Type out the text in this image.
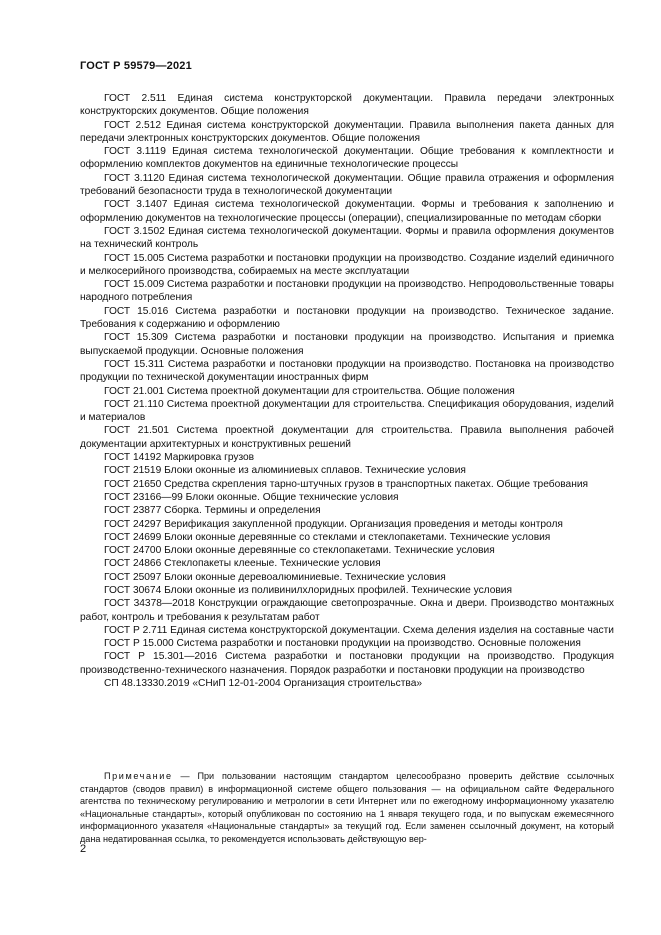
ГОСТ Р 59579—2021

ГОСТ 2.511 Единая система конструкторской документации. Правила передачи электронных конструкторских документов. Общие положения

ГОСТ 2.512 Единая система конструкторской документации. Правила выполнения пакета данных для передачи электронных конструкторских документов. Общие положения

ГОСТ 3.1119 Единая система технологической документации. Общие требования к комплектности и оформлению комплектов документов на единичные технологические процессы

ГОСТ 3.1120 Единая система технологической документации. Общие правила отражения и оформления требований безопасности труда в технологической документации

ГОСТ 3.1407 Единая система технологической документации. Формы и требования к заполнению и оформлению документов на технологические процессы (операции), специализированные по методам сборки

ГОСТ 3.1502 Единая система технологической документации. Формы и правила оформления документов на технический контроль

ГОСТ 15.005 Система разработки и постановки продукции на производство. Создание изделий единичного и мелкосерийного производства, собираемых на месте эксплуатации

ГОСТ 15.009 Система разработки и постановки продукции на производство. Непродовольственные товары народного потребления

ГОСТ 15.016 Система разработки и постановки продукции на производство. Техническое задание. Требования к содержанию и оформлению

ГОСТ 15.309 Система разработки и постановки продукции на производство. Испытания и приемка выпускаемой продукции. Основные положения

ГОСТ 15.311 Система разработки и постановки продукции на производство. Постановка на производство продукции по технической документации иностранных фирм

ГОСТ 21.001 Система проектной документации для строительства. Общие положения

ГОСТ 21.110 Система проектной документации для строительства. Спецификация оборудования, изделий и материалов

ГОСТ 21.501 Система проектной документации для строительства. Правила выполнения рабочей документации архитектурных и конструктивных решений

ГОСТ 14192 Маркировка грузов

ГОСТ 21519 Блоки оконные из алюминиевых сплавов. Технические условия

ГОСТ 21650 Средства скрепления тарно-штучных грузов в транспортных пакетах. Общие требования

ГОСТ 23166—99 Блоки оконные. Общие технические условия

ГОСТ 23877 Сборка. Термины и определения

ГОСТ 24297 Верификация закупленной продукции. Организация проведения и методы контроля

ГОСТ 24699 Блоки оконные деревянные со стеклами и стеклопакетами. Технические условия

ГОСТ 24700 Блоки оконные деревянные со стеклопакетами. Технические условия

ГОСТ 24866 Стеклопакеты клееные. Технические условия

ГОСТ 25097 Блоки оконные деревоалюминиевые. Технические условия

ГОСТ 30674 Блоки оконные из поливинилхлоридных профилей. Технические условия

ГОСТ 34378—2018 Конструкции ограждающие светопрозрачные. Окна и двери. Производство монтажных работ, контроль и требования к результатам работ

ГОСТ Р 2.711 Единая система конструкторской документации. Схема деления изделия на составные части

ГОСТ Р 15.000 Система разработки и постановки продукции на производство. Основные положения

ГОСТ Р 15.301—2016 Система разработки и постановки продукции на производство. Продукция производственно-технического назначения. Порядок разработки и постановки продукции на производство

СП 48.13330.2019 «СНиП 12-01-2004 Организация строительства»

Примечание — При пользовании настоящим стандартом целесообразно проверить действие ссылочных стандартов (сводов правил) в информационной системе общего пользования — на официальном сайте Федерального агентства по техническому регулированию и метрологии в сети Интернет или по ежегодному информационному указателю «Национальные стандарты», который опубликован по состоянию на 1 января текущего года, и по выпускам ежемесячного информационного указателя «Национальные стандарты» за текущий год. Если заменен ссылочный документ, на который дана недатированная ссылка, то рекомендуется использовать действующую вер-
2
